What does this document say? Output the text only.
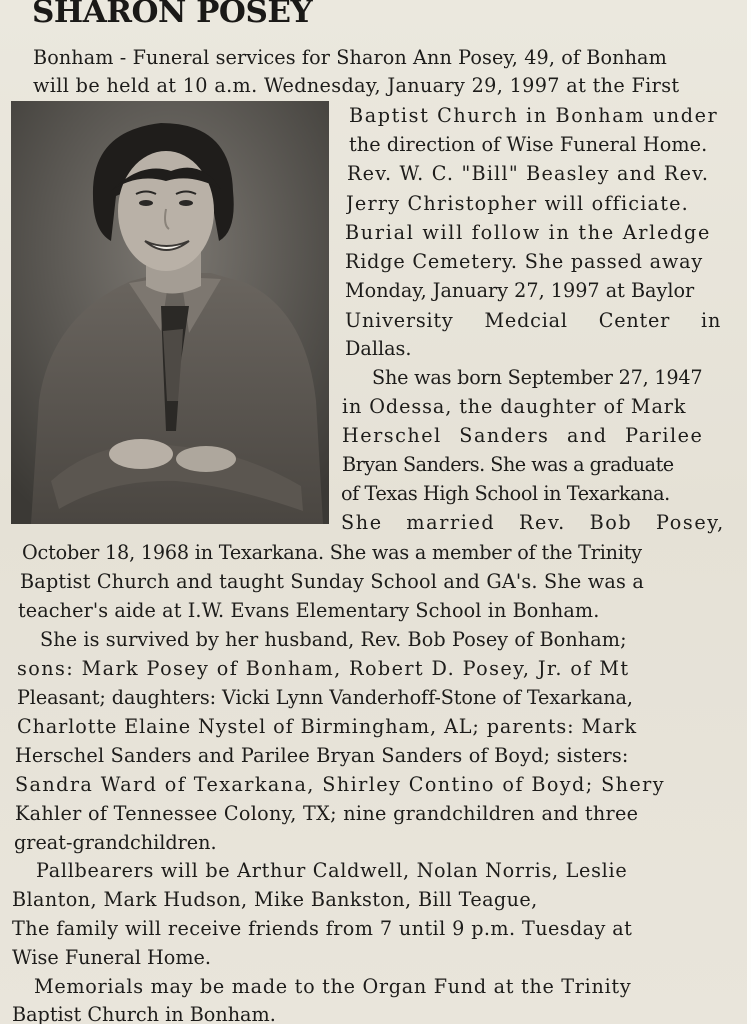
SHARON POSEY

Bonham - Funeral services for Sharon Ann Posey, 49, of Bonham

will be held at 10 a.m. Wednesday, January 29, 1997 at the First

Baptist Church in Bonham under

the direction of Wise Funeral Home.

Rev. W. C. "Bill" Beasley and Rev.

Jerry Christopher will officiate.

Burial will follow in the Arledge

Ridge Cemetery. She passed away

Monday, January 27, 1997 at Baylor

University Medcial Center in

Dallas.

She was born September 27, 1947

in Odessa, the daughter of Mark

Herschel Sanders and Parilee

Bryan Sanders. She was a graduate

of Texas High School in Texarkana.

She married Rev. Bob Posey,

October 18, 1968 in Texarkana. She was a member of the Trinity

Baptist Church and taught Sunday School and GA's. She was a

teacher's aide at I.W. Evans Elementary School in Bonham.

She is survived by her husband, Rev. Bob Posey of Bonham;

sons: Mark Posey of Bonham, Robert D. Posey, Jr. of Mt

Pleasant; daughters: Vicki Lynn Vanderhoff-Stone of Texarkana,

Charlotte Elaine Nystel of Birmingham, AL; parents: Mark

Herschel Sanders and Parilee Bryan Sanders of Boyd; sisters:

Sandra Ward of Texarkana, Shirley Contino of Boyd; Shery

Kahler of Tennessee Colony, TX; nine grandchildren and three

great-grandchildren.

Pallbearers will be Arthur Caldwell, Nolan Norris, Leslie

Blanton, Mark Hudson, Mike Bankston, Bill Teague,

The family will receive friends from 7 until 9 p.m. Tuesday at

Wise Funeral Home.

Memorials may be made to the Organ Fund at the Trinity

Baptist Church in Bonham.
